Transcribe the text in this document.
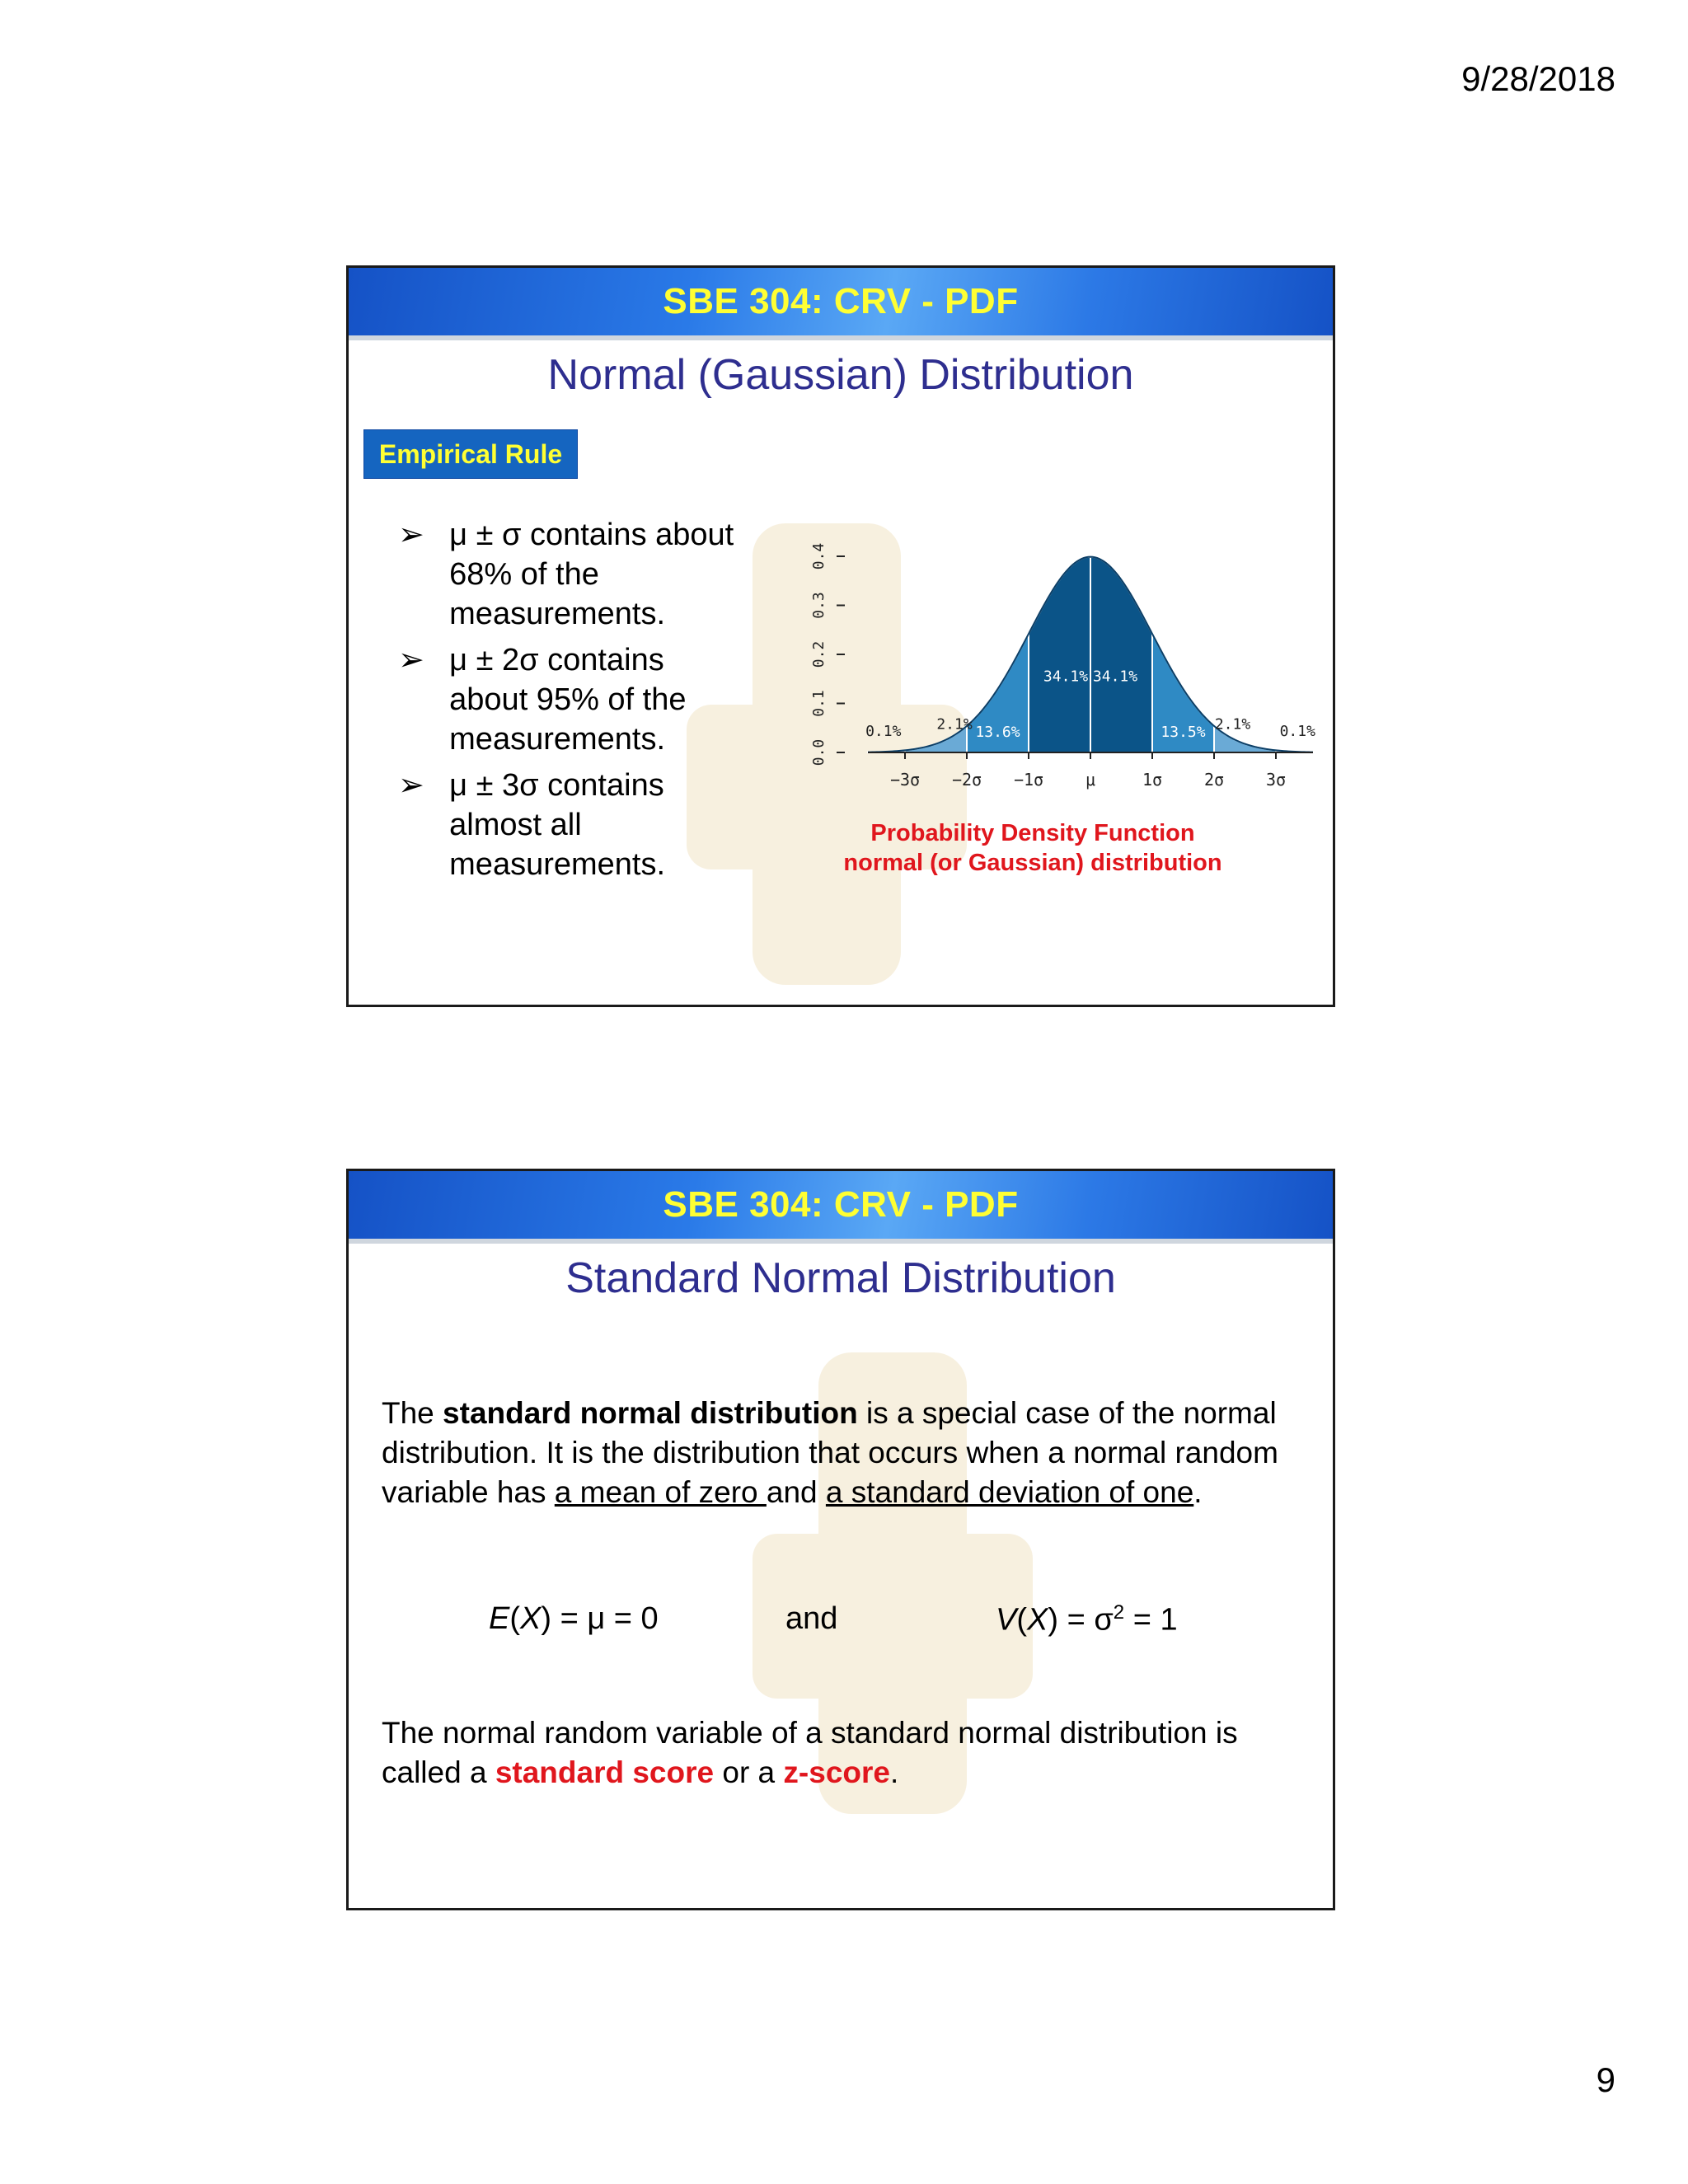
9/28/2018
SBE 304: CRV - PDF
Normal (Gaussian) Distribution
Empirical Rule
➢ μ ± σ contains about 68% of the measurements.
➢ μ ± 2σ contains about 95% of the measurements.
➢ μ ± 3σ contains almost all measurements.
−3σ −2σ −1σ	μ	1σ	2σ	3σ
0.0
0.1
0.2
0.3
0.4
0.1% 2.1% 13.6%
34.1% 34.1%
13.5% 2.1% 0.1%
Probability Density Function
normal (or Gaussian) distribution
SBE 304: CRV - PDF
Standard Normal Distribution
The standard normal distribution is a special case of the normal distribution. It is the distribution that occurs when a normal random variable has a mean of zero and a standard deviation of one.
E(X) = μ = 0	and	$V(X) = \sigma^2 = 1$
The normal random variable of a standard normal distribution is called a standard score or a z-score.
9
